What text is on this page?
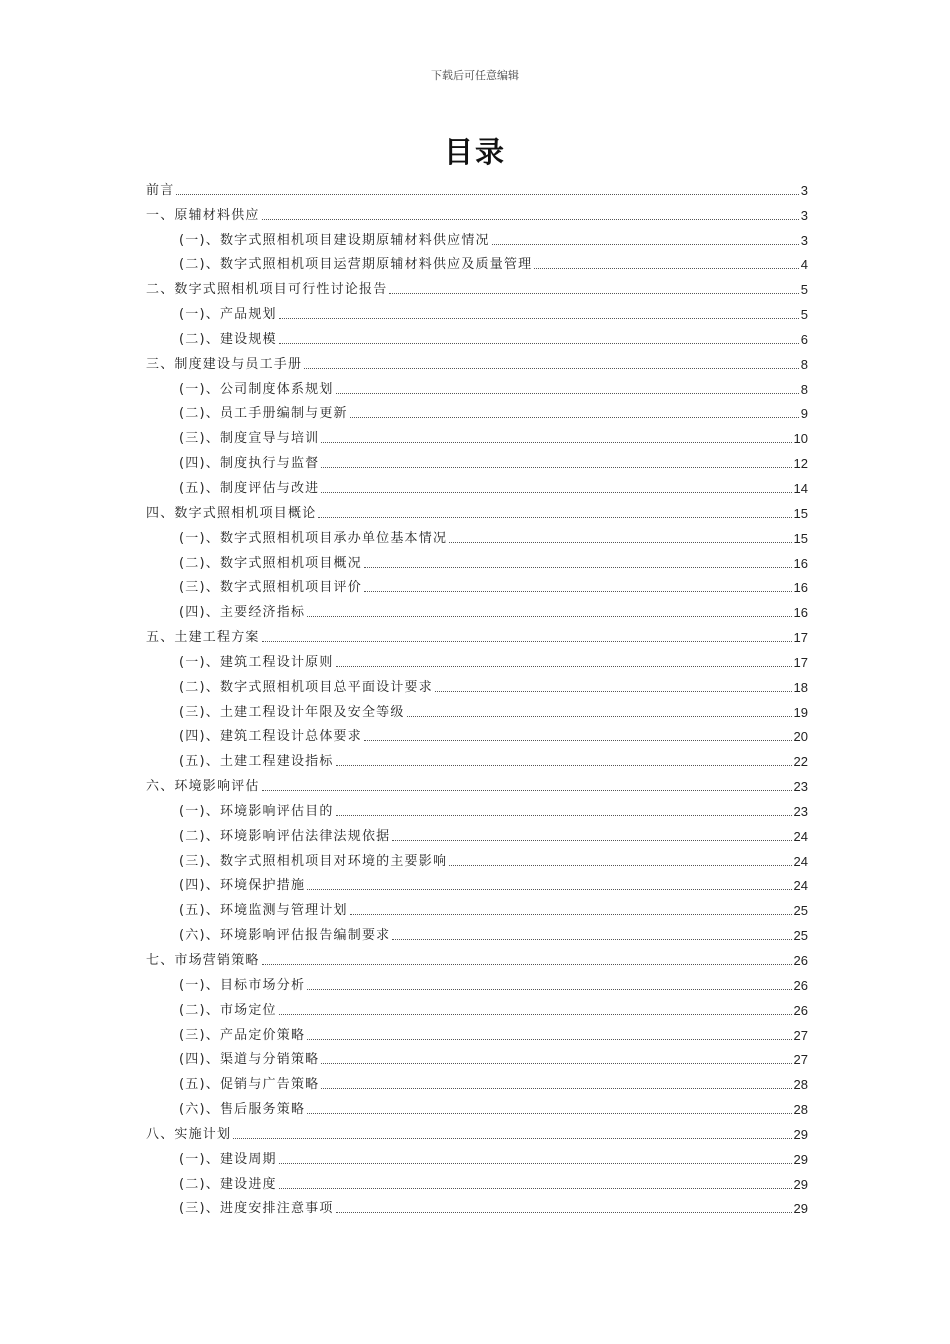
下载后可任意编辑
目录
前言	3
一、原辅材料供应	3
(一)、数字式照相机项目建设期原辅材料供应情况	3
(二)、数字式照相机项目运营期原辅材料供应及质量管理	4
二、数字式照相机项目可行性讨论报告	5
(一)、产品规划	5
(二)、建设规模	6
三、制度建设与员工手册	8
(一)、公司制度体系规划	8
(二)、员工手册编制与更新	9
(三)、制度宣导与培训	10
(四)、制度执行与监督	12
(五)、制度评估与改进	14
四、数字式照相机项目概论	15
(一)、数字式照相机项目承办单位基本情况	15
(二)、数字式照相机项目概况	16
(三)、数字式照相机项目评价	16
(四)、主要经济指标	16
五、土建工程方案	17
(一)、建筑工程设计原则	17
(二)、数字式照相机项目总平面设计要求	18
(三)、土建工程设计年限及安全等级	19
(四)、建筑工程设计总体要求	20
(五)、土建工程建设指标	22
六、环境影响评估	23
(一)、环境影响评估目的	23
(二)、环境影响评估法律法规依据	24
(三)、数字式照相机项目对环境的主要影响	24
(四)、环境保护措施	24
(五)、环境监测与管理计划	25
(六)、环境影响评估报告编制要求	25
七、市场营销策略	26
(一)、目标市场分析	26
(二)、市场定位	26
(三)、产品定价策略	27
(四)、渠道与分销策略	27
(五)、促销与广告策略	28
(六)、售后服务策略	28
八、实施计划	29
(一)、建设周期	29
(二)、建设进度	29
(三)、进度安排注意事项	29
